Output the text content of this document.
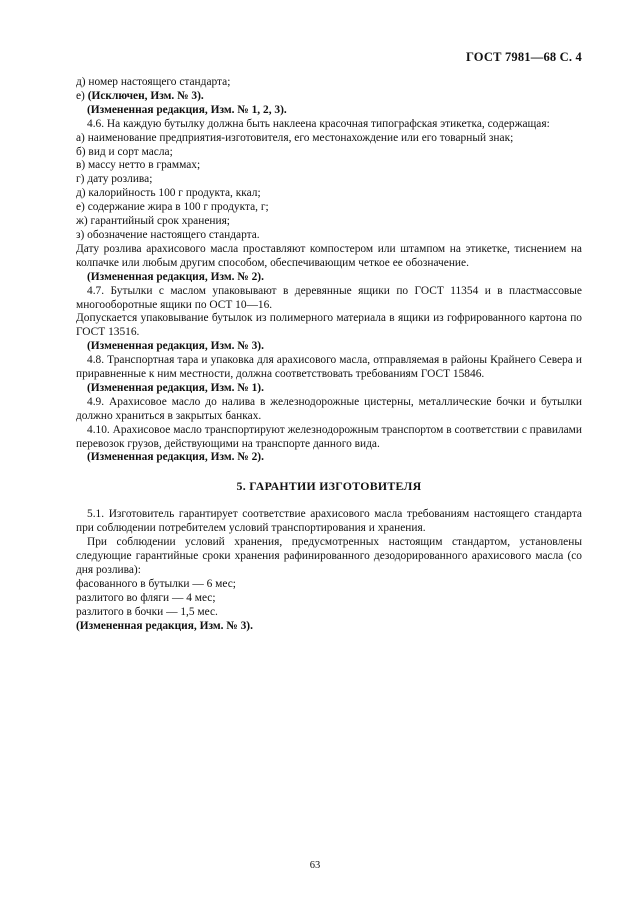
ГОСТ 7981—68 С. 4

д) номер настоящего стандарта;

е) (Исключен, Изм. № 3).

(Измененная редакция, Изм. № 1, 2, 3).

4.6. На каждую бутылку должна быть наклеена красочная типографская этикетка, содержащая:

а) наименование предприятия-изготовителя, его местонахождение или его товарный знак;

б) вид и сорт масла;

в) массу нетто в граммах;

г) дату розлива;

д) калорийность 100 г продукта, ккал;

е) содержание жира в 100 г продукта, г;

ж) гарантийный срок хранения;

з) обозначение настоящего стандарта.

Дату розлива арахисового масла проставляют компостером или штампом на этикетке, тиснением на колпачке или любым другим способом, обеспечивающим четкое ее обозначение.

(Измененная редакция, Изм. № 2).

4.7. Бутылки с маслом упаковывают в деревянные ящики по ГОСТ 11354 и в пластмассовые многооборотные ящики по ОСТ 10—16.

Допускается упаковывание бутылок из полимерного материала в ящики из гофрированного картона по ГОСТ 13516.

(Измененная редакция, Изм. № 3).

4.8. Транспортная тара и упаковка для арахисового масла, отправляемая в районы Крайнего Севера и приравненные к ним местности, должна соответствовать требованиям ГОСТ 15846.

(Измененная редакция, Изм. № 1).

4.9. Арахисовое масло до налива в железнодорожные цистерны, металлические бочки и бутылки должно храниться в закрытых банках.

4.10. Арахисовое масло транспортируют железнодорожным транспортом в соответствии с правилами перевозок грузов, действующими на транспорте данного вида.

(Измененная редакция, Изм. № 2).

5. ГАРАНТИИ ИЗГОТОВИТЕЛЯ

5.1. Изготовитель гарантирует соответствие арахисового масла требованиям настоящего стандарта при соблюдении потребителем условий транспортирования и хранения.

При соблюдении условий хранения, предусмотренных настоящим стандартом, установлены следующие гарантийные сроки хранения рафинированного дезодорированного арахисового масла (со дня розлива):

фасованного в бутылки — 6 мес;

разлитого во фляги — 4 мес;

разлитого в бочки — 1,5 мес.

(Измененная редакция, Изм. № 3).

63
